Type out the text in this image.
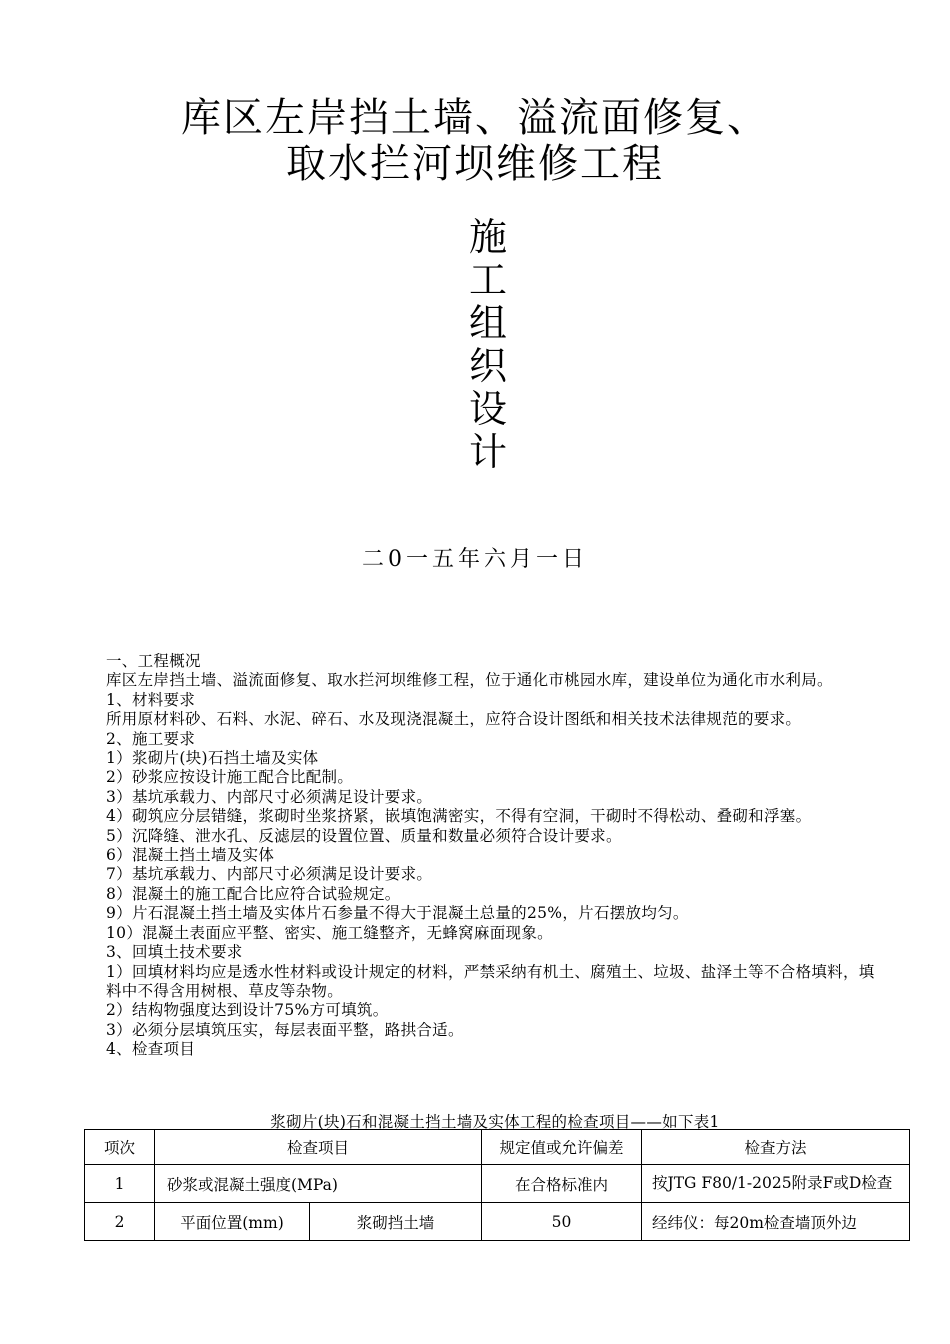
库区左岸挡土墙、溢流面修复、
取水拦河坝维修工程
施
工
组
织
设
计
二0一五年六月一日

一、工程概况

库区左岸挡土墙、溢流面修复、取水拦河坝维修工程，位于通化市桃园水库，建设单位为通化市水利局。

1、材料要求

所用原材料砂、石料、水泥、碎石、水及现浇混凝土，应符合设计图纸和相关技术法律规范的要求。

2、施工要求

1）浆砌片(块)石挡土墙及实体

2）砂浆应按设计施工配合比配制。

3）基坑承载力、内部尺寸必须满足设计要求。

4）砌筑应分层错缝，浆砌时坐浆挤紧，嵌填饱满密实，不得有空洞，干砌时不得松动、叠砌和浮塞。

5）沉降缝、泄水孔、反滤层的设置位置、质量和数量必须符合设计要求。

6）混凝土挡土墙及实体

7）基坑承载力、内部尺寸必须满足设计要求。

8）混凝土的施工配合比应符合试验规定。

9）片石混凝土挡土墙及实体片石参量不得大于混凝土总量的25%，片石摆放均匀。

10）混凝土表面应平整、密实、施工缝整齐，无蜂窝麻面现象。

3、回填土技术要求

1）回填材料均应是透水性材料或设计规定的材料，严禁采纳有机土、腐殖土、垃圾、盐泽土等不合格填料，填料中不得含用树根、草皮等杂物。

2）结构物强度达到设计75%方可填筑。

3）必须分层填筑压实，每层表面平整，路拱合适。

4、检查项目

浆砌片(块)石和混凝土挡土墙及实体工程的检查项目——如下表1
项次	检查项目		规定值或允许偏差	检查方法
1	砂浆或混凝土强度(MPa)		在合格标准内	按JTG F80/1-2025附录F或D检查
2	平面位置(mm)	浆砌挡土墙	50	经纬仪：每20m检查墙顶外边
